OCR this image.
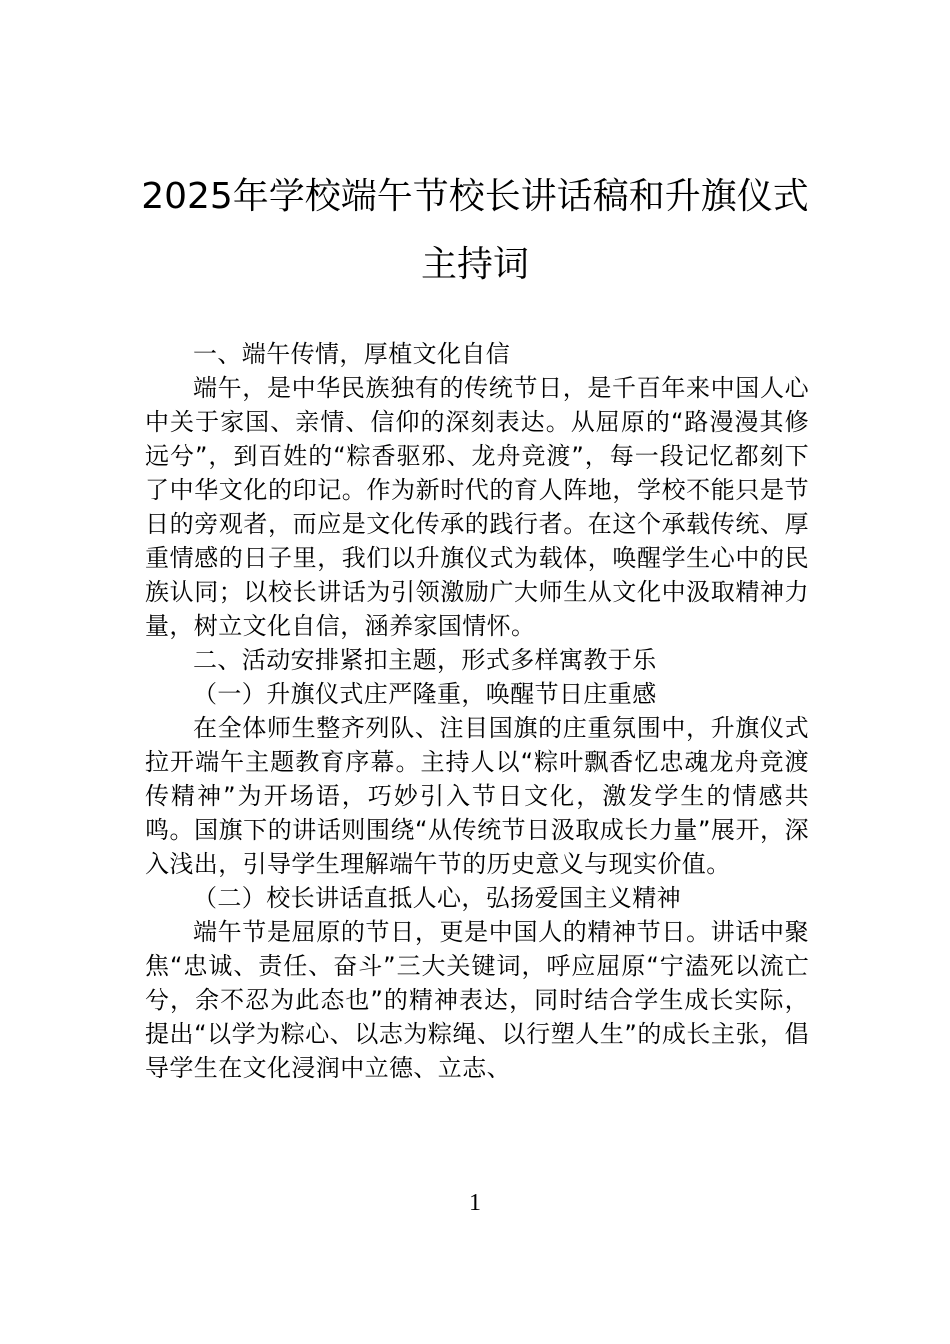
2025年学校端午节校长讲话稿和升旗仪式
主持词

一、端午传情，厚植文化自信

端午，是中华民族独有的传统节日，是千百年来中国人心中关于家国、亲情、信仰的深刻表达。从屈原的“路漫漫其修远兮”，到百姓的“粽香驱邪、龙舟竞渡”，每一段记忆都刻下了中华文化的印记。作为新时代的育人阵地，学校不能只是节日的旁观者，而应是文化传承的践行者。在这个承载传统、厚重情感的日子里，我们以升旗仪式为载体，唤醒学生心中的民族认同；以校长讲话为引领激励广大师生从文化中汲取精神力量，树立文化自信，涵养家国情怀。

二、活动安排紧扣主题，形式多样寓教于乐

（一）升旗仪式庄严隆重，唤醒节日庄重感

在全体师生整齐列队、注目国旗的庄重氛围中，升旗仪式拉开端午主题教育序幕。主持人以“粽叶飘香忆忠魂龙舟竞渡传精神”为开场语，巧妙引入节日文化，激发学生的情感共鸣。国旗下的讲话则围绕“从传统节日汲取成长力量”展开，深入浅出，引导学生理解端午节的历史意义与现实价值。

（二）校长讲话直抵人心，弘扬爱国主义精神

端午节是屈原的节日，更是中国人的精神节日。讲话中聚焦“忠诚、责任、奋斗”三大关键词，呼应屈原“宁溘死以流亡兮，余不忍为此态也”的精神表达，同时结合学生成长实际，提出“以学为粽心、以志为粽绳、以行塑人生”的成长主张，倡导学生在文化浸润中立德、立志、

1
